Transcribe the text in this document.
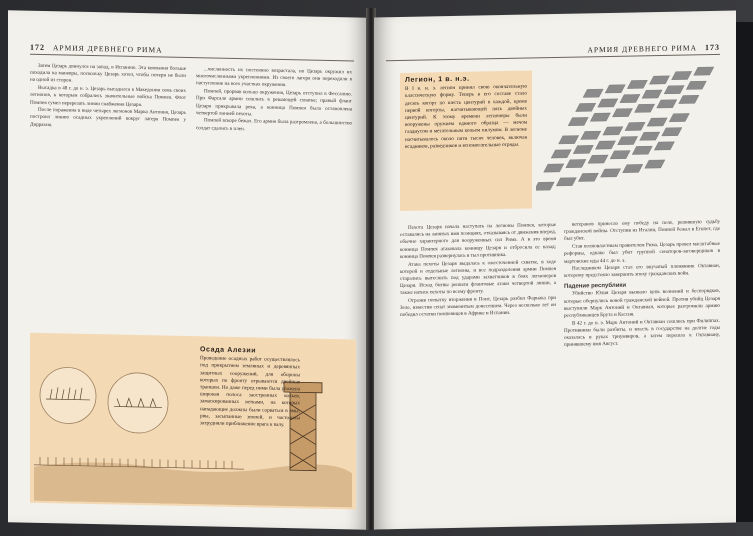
172 АРМИЯ ДРЕВНЕГО РИМА

Затем Цезарь двинулся на запад, в Испанию. Эта компания больше походила на маневры, поскольку Цезарь хотел, чтобы потери не были на одной из сторон.

Высадка в 48 г. до н. э. Цезарь высадился в Македонии семь своих легионов, к которым собрались значительные войска Помпея. Флот Помпея сумел перерезать линии снабжения Цезаря.

После поражения в виде четырех легионов Марка Антония, Цезарь построил линию осадных укреплений вокруг лагеря Помпея у Диррахия.

...численность их постоянно возрастала, но Цезарь окружил их многочисленными укреплениями. Из своего лагеря они переходили в наступление на всех участках окружения.

Помпей, прорвав кольцо окружения, Цезарь отступил в Фессалию. При Фарсале армии сошлись в решающей схватке; правый фланг Цезаря прикрывала река, а конница Помпея была остановлена четвертой линией пехоты.

Помпей вскоре бежал. Его армия была разгромлена, а большинство солдат сдались в плен.

Осада Алезии
Проведение осадных работ осуществлялось под прикрытием земляных и деревянных защитных сооружений, для обороны которых по фронту отрываются двойные траншеи. Но даже перед ними была уложена широкая полоса заостренных кольев, замаскированных ветками, на которых нападающие должны были сорваться в ямы; рвы, засыпанные землей, и частоколы затрудняли приближение врага к валу.
АРМИЯ ДРЕВНЕГО РИМА 173
Легион, 1 в. н.э.
В I в. н. э. легион принял свою окончательную классическую форму. Теперь в его составе стало десять когорт по шесть центурий в каждой, кроме первой когорты, насчитывающей пять двойных центурий. К этому времени легионеры были вооружены оружием единого образца — мечом гладиусом и метательным копьем пилумом. В легионе насчитывалось около пяти тысяч человек, включая всадников, разведчиков и вспомогательные отряды.

Пехота Цезаря начала наступать на легионы Помпея, которые оставались на занятых ими позициях, отказываясь от движения вперед, обычно характерного для вооруженных сил Рима. А в это время конница Помпея атаковала конницу Цезаря и отбросила ее назад; конница Помпея развернулась в тыл противника.

Атака пехоты Цезаря выдалась к ожесточенной схватке, в ходе которой и отдельные легионы, и все подразделения армии Помпея старались вытеснить под ударами захватчиков в боях легионеров Цезаря. Исход битвы решили фланговые атаки четвертой линии, а также натиск пехоты по всему фронту.

Отразив попытку вторжения в Понт, Цезарь разбил Фарнака при Зеле, известив сенат знаменитым донесением. Через несколько лет он победил остатки помпеянцев в Африке и Испании.

ветеранов принесло ему победу на поле, решившую судьбу гражданской войны. Отступив из Италии, Помпей бежал в Египет, где был убит.

Став полновластным правителем Рима, Цезарь провел масштабные реформы, однако был убит группой сенаторов-заговорщиков в мартовские иды 44 г. до н. э.

Наследником Цезаря стал его внучатый племянник Октавиан, которому предстояло завершить эпоху гражданских войн.

Падение республики

Убийство Юлия Цезаря вызвало цепь волнений и беспорядков, которые обернулись новой гражданской войной. Против убийц Цезаря выступили Марк Антоний и Октавиан, которые разгромили армию республиканцев Брута и Кассия.

В 42 г. до н. э. Марк Антоний и Октавиан сошлись при Филиппах. Противники были разбиты, и власть в государстве на долгие годы оказалась в руках триумвиров, а затем перешла к Октавиану, принявшему имя Август.
